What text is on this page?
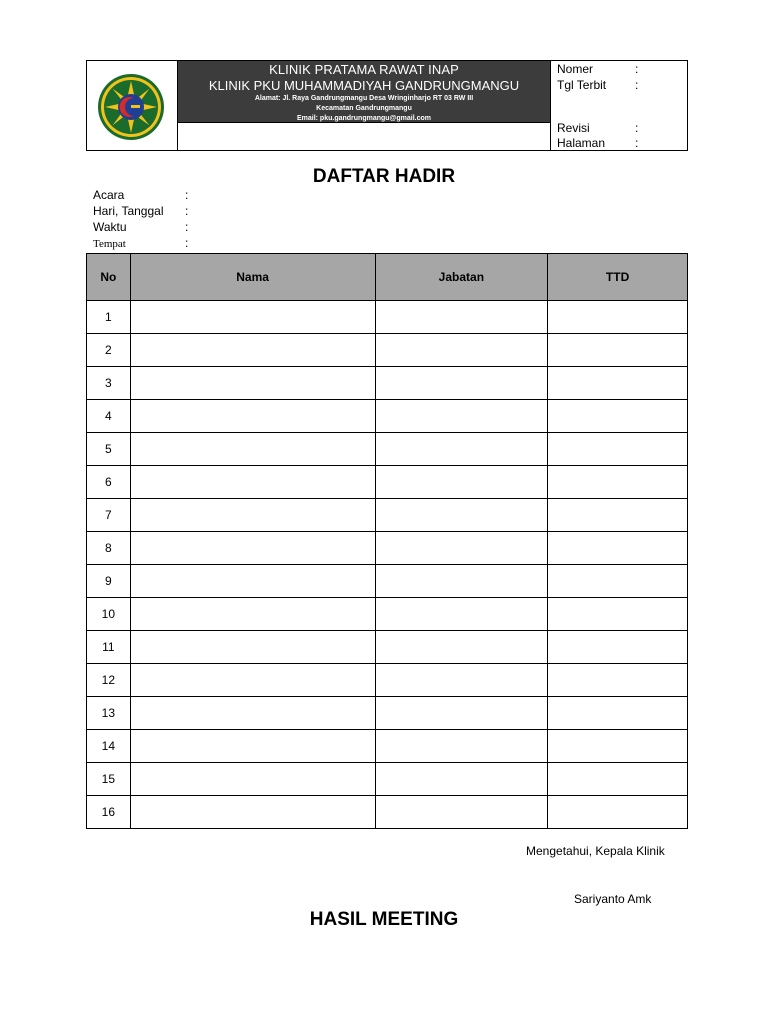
KLINIK PRATAMA RAWAT INAP
KLINIK PKU MUHAMMADIYAH GANDRUNGMANGU
Alamat: Jl. Raya Gandrungmangu Desa Wringinharjo RT 03 RW III
Kecamatan Gandrungmangu
Email: pku.gandrungmangu@gmail.com
Nomer	:
Tgl Terbit :
Revisi	:
Halaman :
DAFTAR HADIR
Acara	:
Hari, Tanggal :
Waktu	:
Tempat	:
No	Nama	Jabatan	TTD
1			
2			
3			
4			
5			
6			
7			
8			
9			
10			
11			
12			
13			
14			
15			
16			
Mengetahui, Kepala Klinik
Sariyanto Amk
HASIL MEETING
